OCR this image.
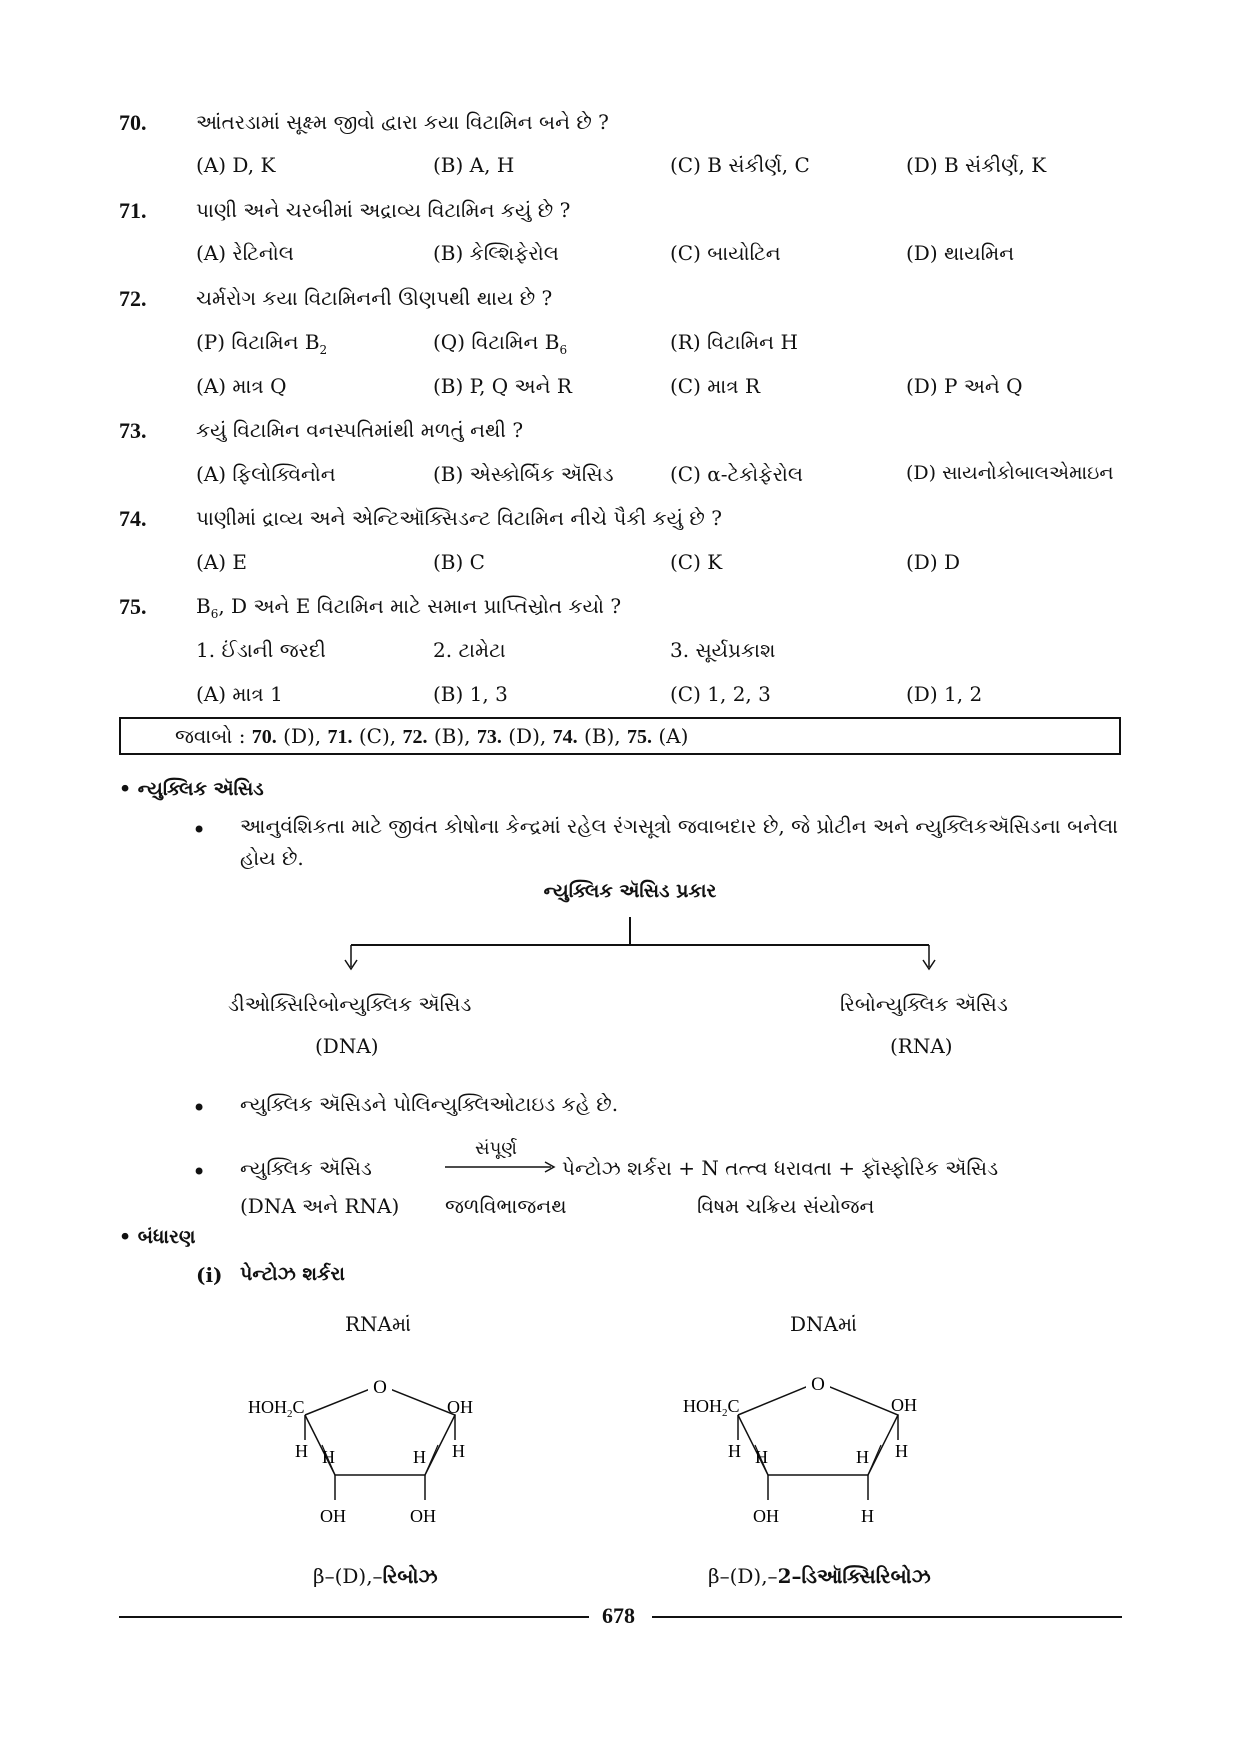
70. આંતરડામાં સૂક્ષ્મ જીવો દ્વારા કયા વિટામિન બને છે ?
(A) D, K	(B) A, H	(C) B સંકીર્ણ, C	(D) B સંકીર્ણ, K
71. પાણી અને ચરબીમાં અદ્રાવ્ય વિટામિન કયું છે ?
(A) રેટિનોલ	(B) કેલ્શિફેરોલ	(C) બાયોટિન	(D) થાયમિન
72. ચર્મરોગ કયા વિટામિનની ઊણપથી થાય છે ?
(P) વિટામિન $B_2$	(Q) વિટામિન $B_6$	(R) વિટામિન H
(A) માત્ર Q	(B) P, Q અને R	(C) માત્ર R	(D) P અને Q
73. કયું વિટામિન વનસ્પતિમાંથી મળતું નથી ?
(A) ફિલોક્વિનોન	(B) એસ્કોર્બિક ઍસિડ	(C) α-ટેકોફેરોલ	(D) સાયનોકોબાલએમાઇન
74. પાણીમાં દ્રાવ્ય અને એન્ટિઑક્સિડન્ટ વિટામિન નીચે પૈકી કયું છે ?
(A) E	(B) C	(C) K	(D) D
75. $B_6$, D અને E વિટામિન માટે સમાન પ્રાપ્તિસ્રોત કયો ?
1. ઈંડાની જરદી	2. ટામેટા	3. સૂર્યપ્રકાશ
(A) માત્ર 1	(B) 1, 3	(C) 1, 2, 3	(D) 1, 2
જવાબો : 70. (D), 71. (C), 72. (B), 73. (D), 74. (B), 75. (A)
• ન્યુક્લિક ઍસિડ
• આનુવંશિકતા માટે જીવંત કોષોના કેન્દ્રમાં રહેલ રંગસૂત્રો જવાબદાર છે, જે પ્રોટીન અને ન્યુક્લિકઍસિડના બનેલા હોય છે.
ન્યુક્લિક ઍસિડ પ્રકાર
ડીઓક્સિરિબોન્યુક્લિક ઍસિડ
(DNA)
રિબોન્યુક્લિક ઍસિડ
(RNA)
• ન્યુક્લિક ઍસિડને પોલિન્યુક્લિઓટાઇડ કહે છે.
• ન્યુક્લિક ઍસિડ
સંપૂર્ણ
પેન્ટોઝ શર્કરા + N તત્ત્વ ધરાવતા + ફૉસ્ફોરિક ઍસિડ
(DNA અને RNA) જળવિભાજનથ	વિષમ ચક્રિય સંયોજન
• બંધારણ
(i) પેન્ટોઝ શર્કરા
RNAમાં	DNAમાં
O
$HOH_2C$	OH
H	H
H	H
OH	OH
O
$HOH_2C$	OH
H	H
H	H
OH	H
β–(D),–રિબોઝ	β–(D),–2–ડિઑક્સિરિબોઝ
678
